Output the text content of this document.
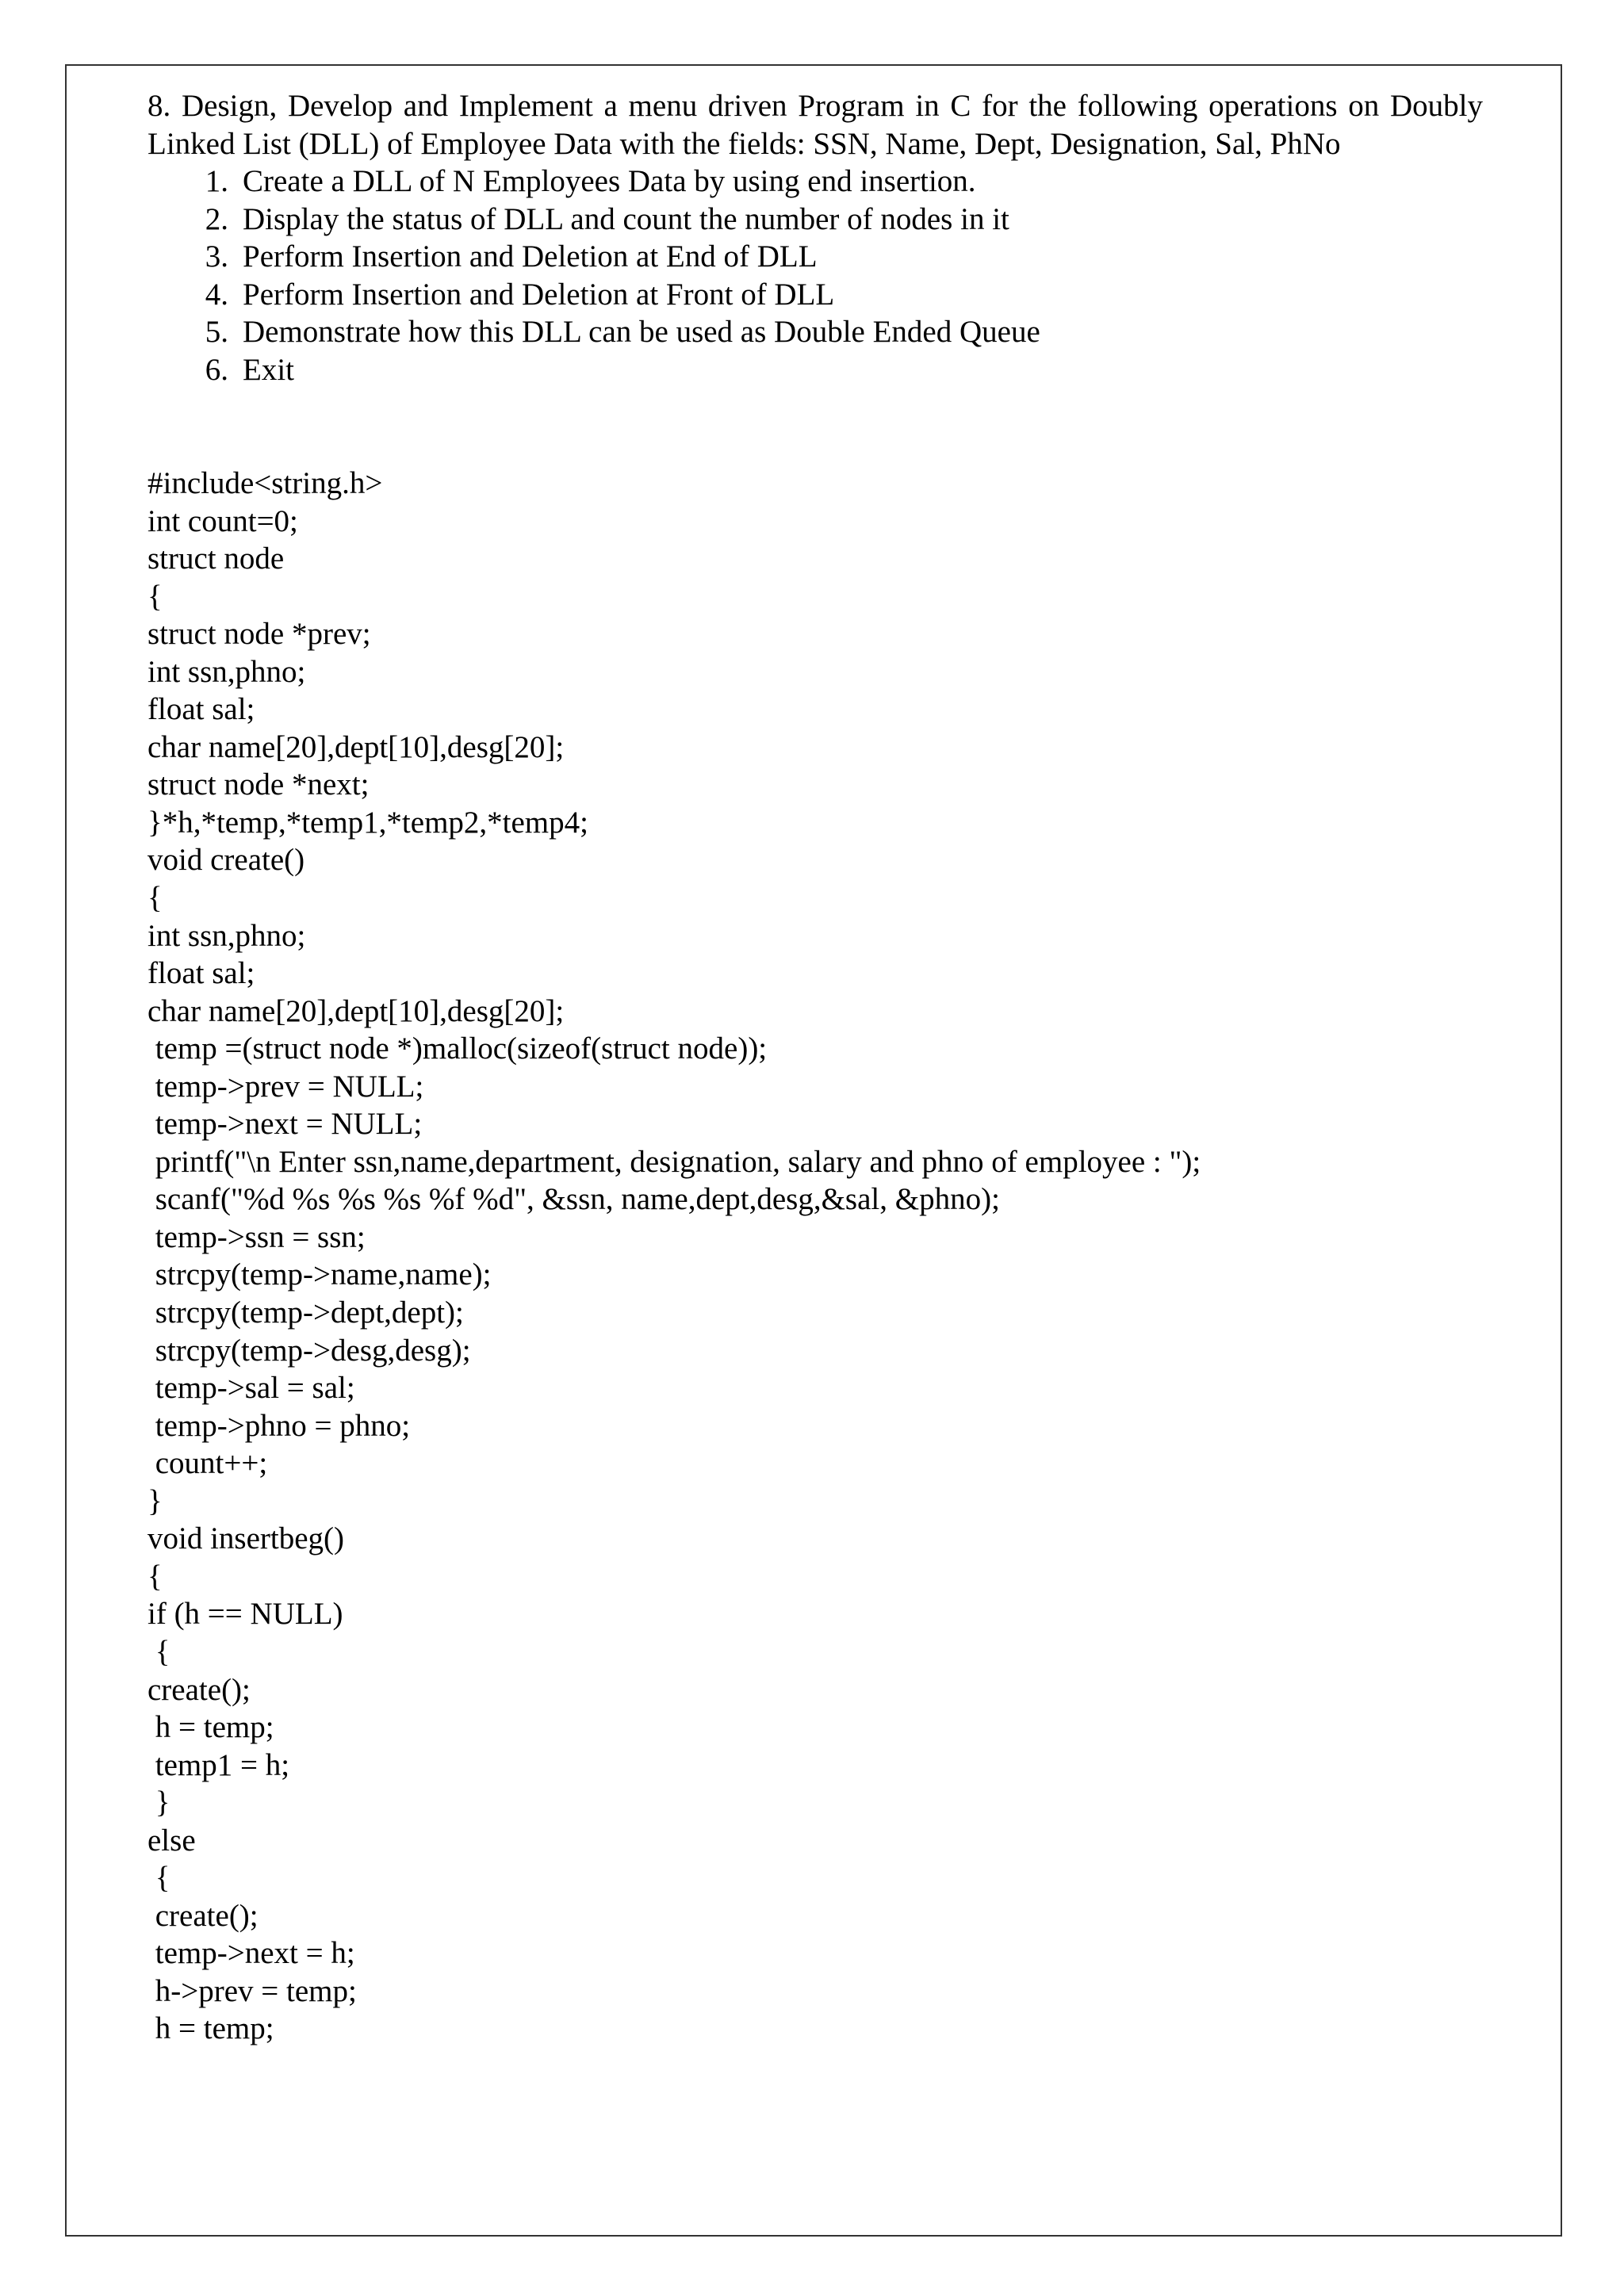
8. Design, Develop and Implement a menu driven Program in C for the following operations on Doubly Linked List (DLL) of Employee Data with the fields: SSN, Name, Dept, Designation, Sal, PhNo

1. Create a DLL of N Employees Data by using end insertion.
2. Display the status of DLL and count the number of nodes in it
3. Perform Insertion and Deletion at End of DLL
4. Perform Insertion and Deletion at Front of DLL
5. Demonstrate how this DLL can be used as Double Ended Queue
6. Exit
#include<string.h>
int count=0;
struct node
{
struct node *prev;
int ssn,phno;
float sal;
char name[20],dept[10],desg[20];
struct node *next;
}*h,*temp,*temp1,*temp2,*temp4;
void create()
{
int ssn,phno;
float sal;
char name[20],dept[10],desg[20];
temp =(struct node *)malloc(sizeof(struct node));
temp->prev = NULL;
temp->next = NULL;
printf("\n Enter ssn,name,department, designation, salary and phno of employee : ");
scanf("%d %s %s %s %f %d", &ssn, name,dept,desg,&sal, &phno);
temp->ssn = ssn;
strcpy(temp->name,name);
strcpy(temp->dept,dept);
strcpy(temp->desg,desg);
temp->sal = sal;
temp->phno = phno;
count++;
}
void insertbeg()
{
if (h == NULL)
{
create();
h = temp;
temp1 = h;
}
else
{
create();
temp->next = h;
h->prev = temp;
h = temp;
